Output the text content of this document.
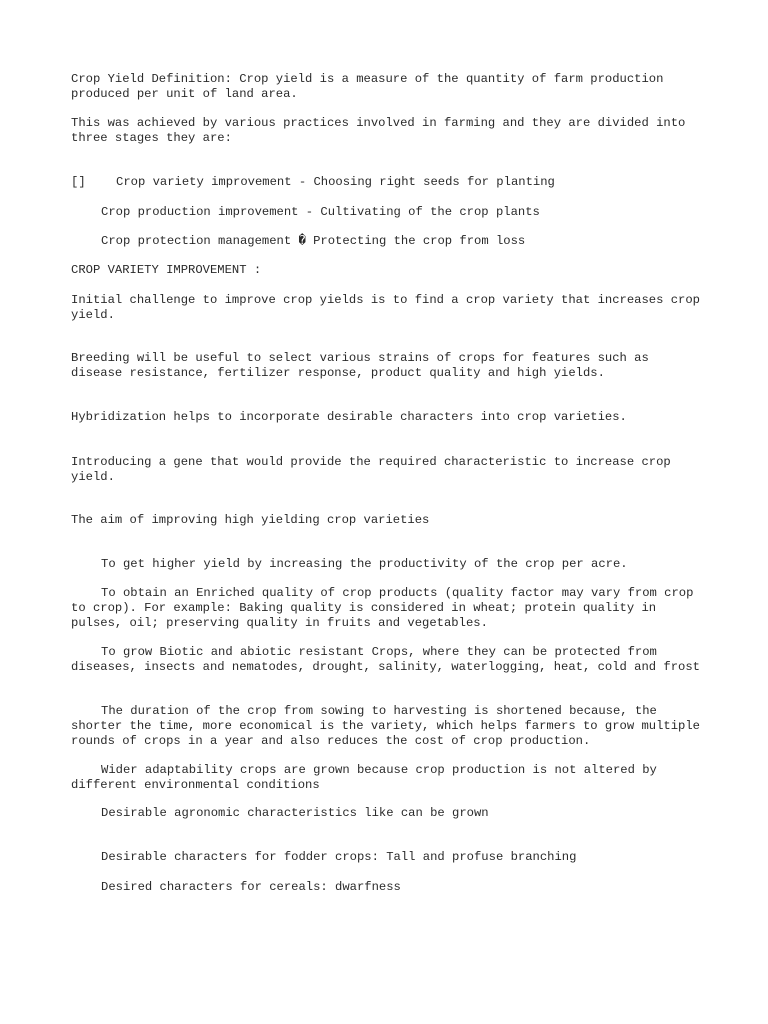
Crop Yield Definition: Crop yield is a measure of the quantity of farm production produced per unit of land area.

This was achieved by various practices involved in farming and they are divided into three stages they are:

[] Crop variety improvement - Choosing right seeds for planting

Crop production improvement - Cultivating of the crop plants

Crop protection management � Protecting the crop from loss

CROP VARIETY IMPROVEMENT :

Initial challenge to improve crop yields is to find a crop variety that increases crop yield.

Breeding will be useful to select various strains of crops for features such as disease resistance, fertilizer response, product quality and high yields.

Hybridization helps to incorporate desirable characters into crop varieties.

Introducing a gene that would provide the required characteristic to increase crop yield.

The aim of improving high yielding crop varieties

To get higher yield by increasing the productivity of the crop per acre.

To obtain an Enriched quality of crop products (quality factor may vary from crop to crop). For example: Baking quality is considered in wheat; protein quality in pulses, oil; preserving quality in fruits and vegetables.

To grow Biotic and abiotic resistant Crops, where they can be protected from diseases, insects and nematodes, drought, salinity, waterlogging, heat, cold and frost

The duration of the crop from sowing to harvesting is shortened because, the shorter the time, more economical is the variety, which helps farmers to grow multiple rounds of crops in a year and also reduces the cost of crop production.

Wider adaptability crops are grown because crop production is not altered by different environmental conditions

Desirable agronomic characteristics like can be grown

Desirable characters for fodder crops: Tall and profuse branching

Desired characters for cereals: dwarfness
